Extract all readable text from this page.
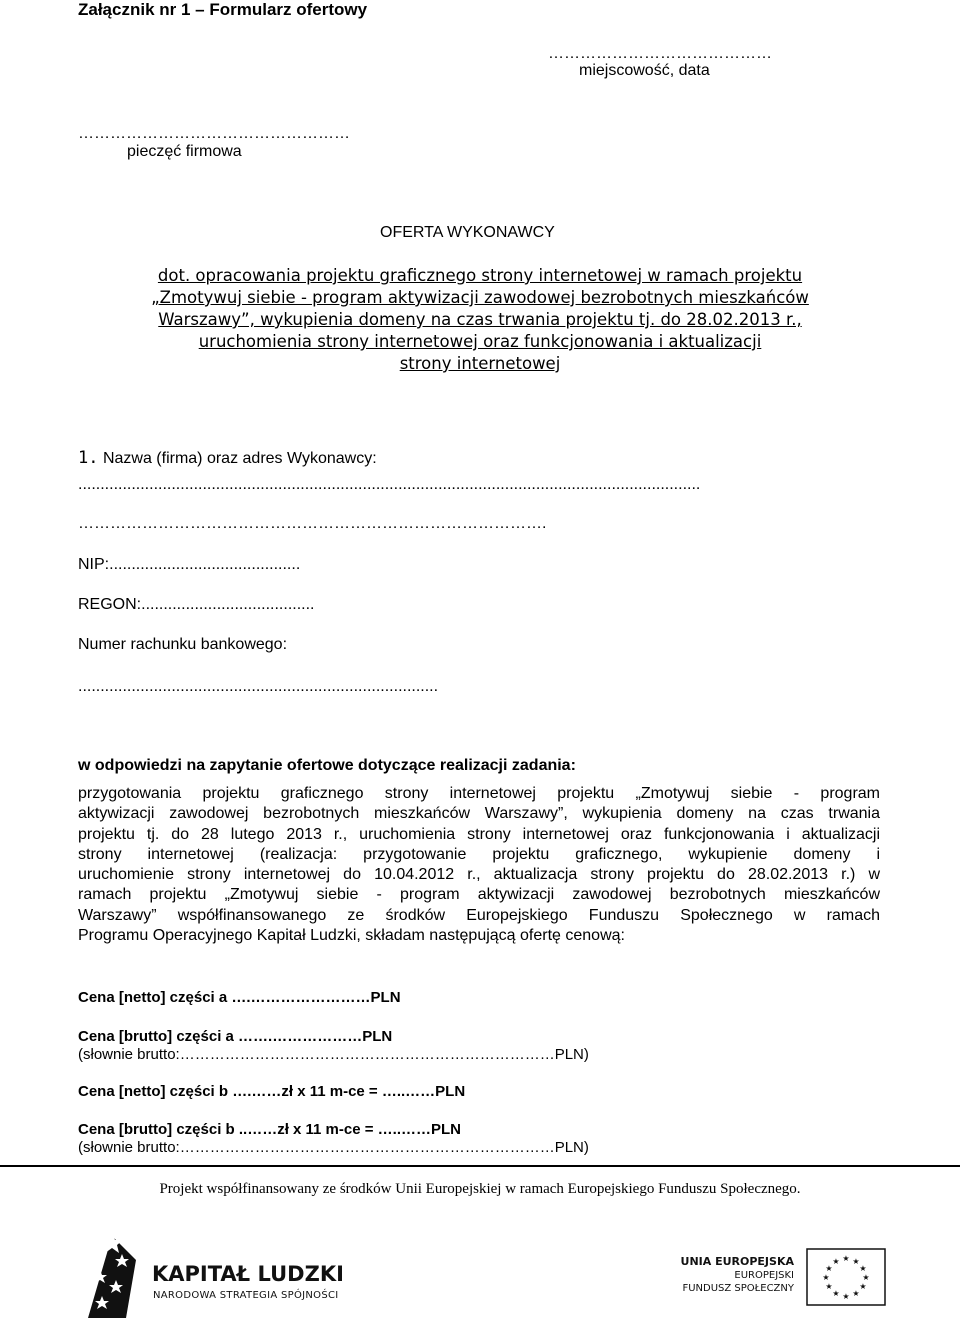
Załącznik nr 1 – Formularz ofertowy
……………………………………
miejscowość, data
……………………………………………
pieczęć firmowa
OFERTA WYKONAWCY
dot. opracowania projektu graficznego strony internetowej w ramach projektu
„Zmotywuj siebie - program aktywizacji zawodowej bezrobotnych mieszkańców
Warszawy”, wykupienia domeny na czas trwania projektu tj. do 28.02.2013 r.,
uruchomienia strony internetowej oraz funkcjonowania i aktualizacji
strony internetowej
1. Nazwa (firma) oraz adres Wykonawcy:
............................................................................................................................................
…………………………………………………………………………….
NIP:...........................................
REGON:.......................................
Numer rachunku bankowego:
.................................................................................
w odpowiedzi na zapytanie ofertowe dotyczące realizacji zadania:
przygotowania projektu graficznego strony internetowej projektu „Zmotywuj siebie - program
aktywizacji zawodowej bezrobotnych mieszkańców Warszawy”, wykupienia domeny na czas trwania
projektu tj. do 28 lutego 2013 r., uruchomienia strony internetowej oraz funkcjonowania i aktualizacji
strony internetowej (realizacja: przygotowanie projektu graficznego, wykupienie domeny i
uruchomienie strony internetowej do 10.04.2012 r., aktualizacja strony projektu do 28.02.2013 r.) w
ramach projektu „Zmotywuj siebie - program aktywizacji zawodowej bezrobotnych mieszkańców
Warszawy” współfinansowanego ze środków Europejskiego Funduszu Społecznego w ramach
Programu Operacyjnego Kapitał Ludzki, składam następującą ofertę cenową:
Cena [netto] części a ….……………………PLN
Cena [brutto] części a …….………………PLN
(słownie brutto:…………………………………………………………………PLN)
Cena [netto] części b ….……zł x 11 m-ce = …..……PLN
Cena [brutto] części b ..……zł x 11 m-ce = …..……PLN
(słownie brutto:…………………………………………………………………PLN)
Projekt współfinansowany ze środków Unii Europejskiej w ramach Europejskiego Funduszu Społecznego.
KAPITAŁ LUDZKI
NARODOWA STRATEGIA SPÓJNOŚCI
UNIA EUROPEJSKA
EUROPEJSKI
FUNDUSZ SPOŁECZNY
★ ★
★
★
★
★
★
★
★
★
★
★
